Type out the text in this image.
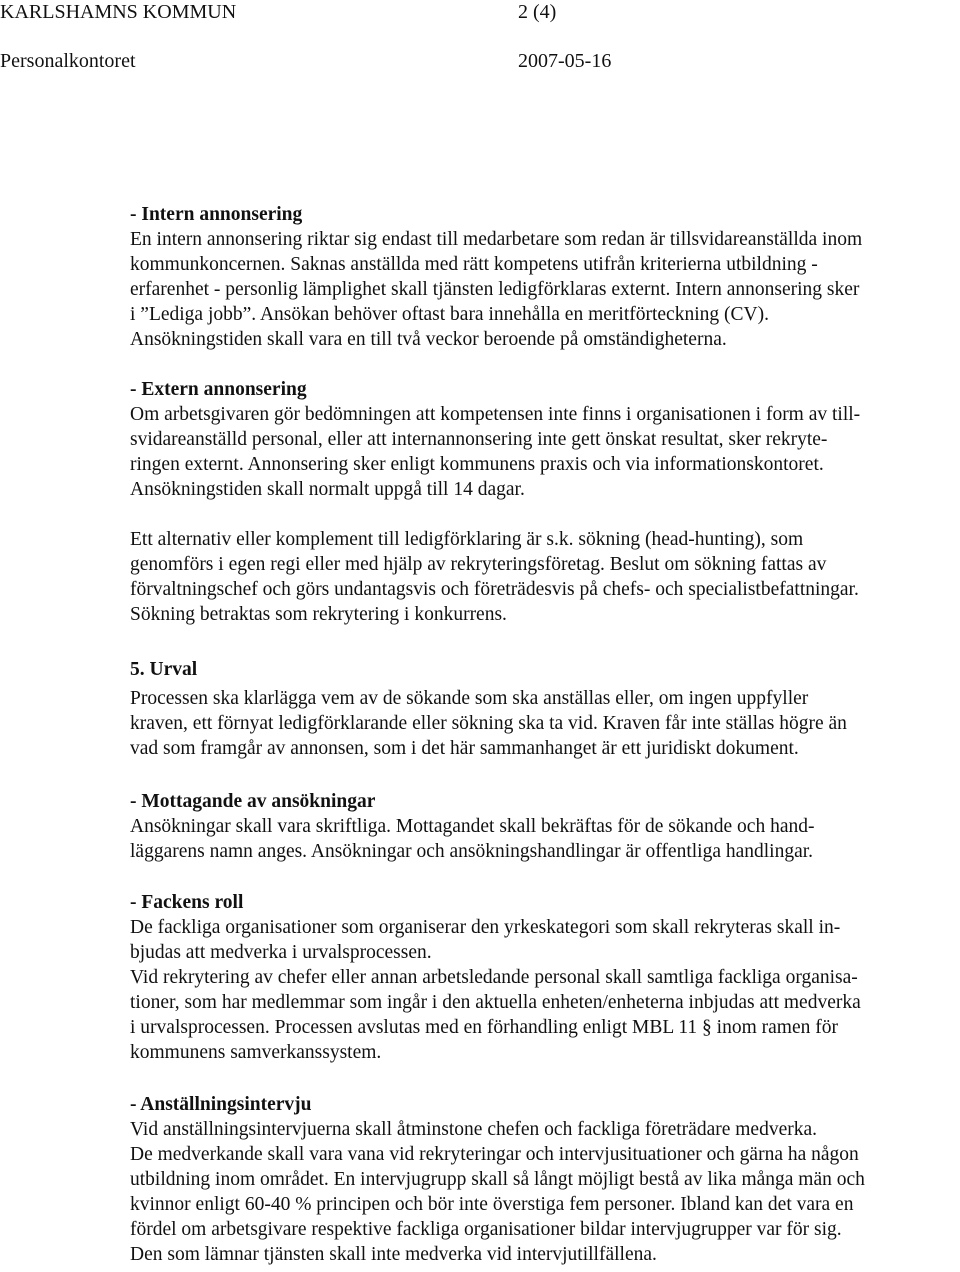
KARLSHAMNS KOMMUN	2 (4)
Personalkontoret	2007-05-16
- Intern annonsering
En intern annonsering riktar sig endast till medarbetare som redan är tillsvidareanställda inom
kommunkoncernen. Saknas anställda med rätt kompetens utifrån kriterierna utbildning -
erfarenhet - personlig lämplighet skall tjänsten ledigförklaras externt. Intern annonsering sker
i ”Lediga jobb”. Ansökan behöver oftast bara innehålla en meritförteckning (CV).
Ansökningstiden skall vara en till två veckor beroende på omständigheterna.
- Extern annonsering
Om arbetsgivaren gör bedömningen att kompetensen inte finns i organisationen i form av till-
svidareanställd personal, eller att internannonsering inte gett önskat resultat, sker rekryte-
ringen externt. Annonsering sker enligt kommunens praxis och via informationskontoret.
Ansökningstiden skall normalt uppgå till 14 dagar.
Ett alternativ eller komplement till ledigförklaring är s.k. sökning (head-hunting), som
genomförs i egen regi eller med hjälp av rekryteringsföretag. Beslut om sökning fattas av
förvaltningschef och görs undantagsvis och företrädesvis på chefs- och specialistbefattningar.
Sökning betraktas som rekrytering i konkurrens.
5. Urval
Processen ska klarlägga vem av de sökande som ska anställas eller, om ingen uppfyller
kraven, ett förnyat ledigförklarande eller sökning ska ta vid. Kraven får inte ställas högre än
vad som framgår av annonsen, som i det här sammanhanget är ett juridiskt dokument.
- Mottagande av ansökningar
Ansökningar skall vara skriftliga. Mottagandet skall bekräftas för de sökande och hand-
läggarens namn anges. Ansökningar och ansökningshandlingar är offentliga handlingar.
- Fackens roll
De fackliga organisationer som organiserar den yrkeskategori som skall rekryteras skall in-
bjudas att medverka i urvalsprocessen.
Vid rekrytering av chefer eller annan arbetsledande personal skall samtliga fackliga organisa-
tioner, som har medlemmar som ingår i den aktuella enheten/enheterna inbjudas att medverka
i urvalsprocessen. Processen avslutas med en förhandling enligt MBL 11 § inom ramen för
kommunens samverkanssystem.
- Anställningsintervju
Vid anställningsintervjuerna skall åtminstone chefen och fackliga företrädare medverka.
De medverkande skall vara vana vid rekryteringar och intervjusituationer och gärna ha någon
utbildning inom området. En intervjugrupp skall så långt möjligt bestå av lika många män och
kvinnor enligt 60-40 % principen och bör inte överstiga fem personer. Ibland kan det vara en
fördel om arbetsgivare respektive fackliga organisationer bildar intervjugrupper var för sig.
Den som lämnar tjänsten skall inte medverka vid intervjutillfällena.
